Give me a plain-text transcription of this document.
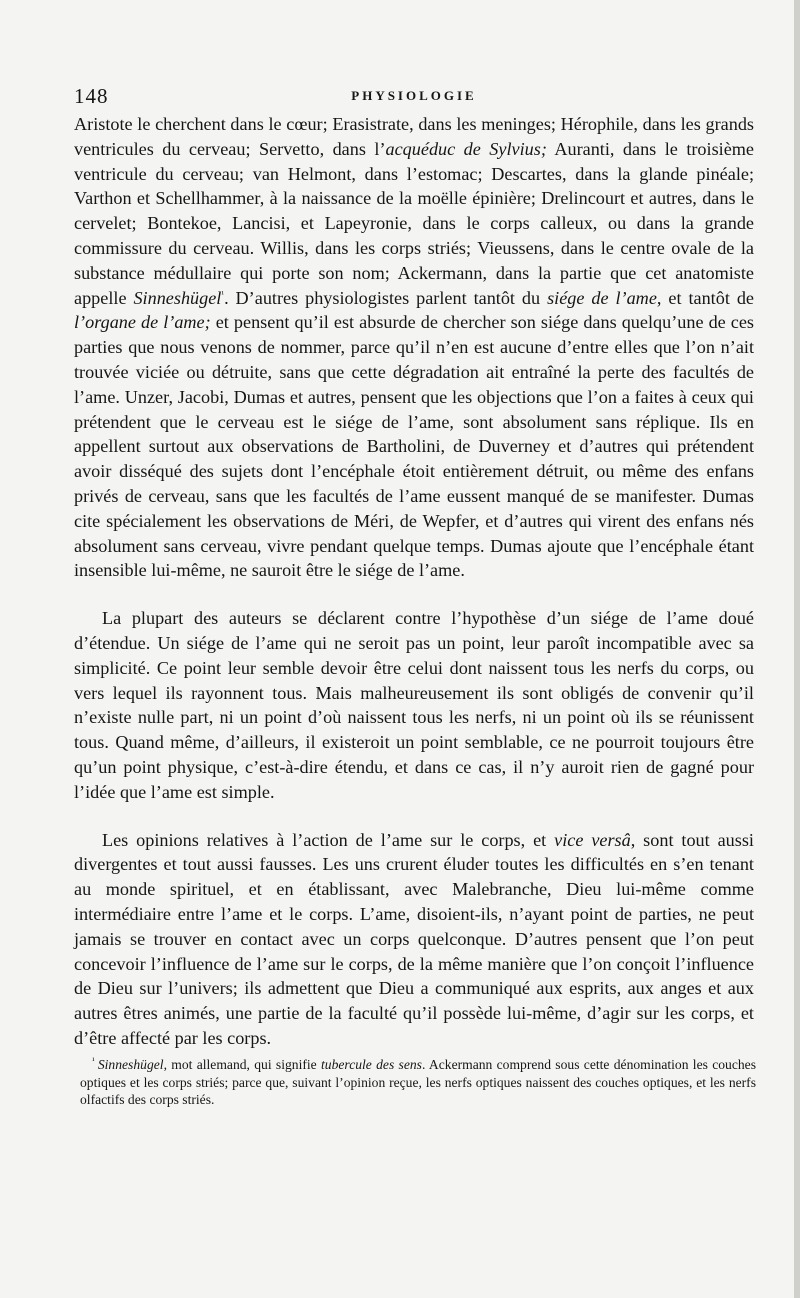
148	PHYSIOLOGIE

Aristote le cherchent dans le cœur; Erasistrate, dans les meninges; Hérophile, dans les grands ventricules du cerveau; Servetto, dans l’acquéduc de Sylvius; Auranti, dans le troisième ventricule du cerveau; van Helmont, dans l’estomac; Descartes, dans la glande pinéale; Varthon et Schellhammer, à la naissance de la moëlle épinière; Drelincourt et autres, dans le cervelet; Bontekoe, Lancisi, et Lapeyronie, dans le corps calleux, ou dans la grande commissure du cerveau. Willis, dans les corps striés; Vieussens, dans le centre ovale de la substance médullaire qui porte son nom; Ackermann, dans la partie que cet anatomiste appelle Sinneshügel$^{^1}$. D’autres physiologistes parlent tantôt du siége de l’ame, et tantôt de l’organe de l’ame; et pensent qu’il est absurde de chercher son siége dans quelqu’une de ces parties que nous venons de nommer, parce qu’il n’en est aucune d’entre elles que l’on n’ait trouvée viciée ou détruite, sans que cette dégradation ait entraîné la perte des facultés de l’ame. Unzer, Jacobi, Dumas et autres, pensent que les objections que l’on a faites à ceux qui prétendent que le cerveau est le siége de l’ame, sont absolument sans réplique. Ils en appellent surtout aux observations de Bartholini, de Duverney et d’autres qui prétendent avoir disséqué des sujets dont l’encéphale étoit entièrement détruit, ou même des enfans privés de cerveau, sans que les facultés de l’ame eussent manqué de se manifester. Dumas cite spécialement les observations de Méri, de Wepfer, et d’autres qui virent des enfans nés absolument sans cerveau, vivre pendant quelque temps. Dumas ajoute que l’encéphale étant insensible lui-même, ne sauroit être le siége de l’ame.

La plupart des auteurs se déclarent contre l’hypothèse d’un siége de l’ame doué d’étendue. Un siége de l’ame qui ne seroit pas un point, leur paroît incompatible avec sa simplicité. Ce point leur semble devoir être celui dont naissent tous les nerfs du corps, ou vers lequel ils rayonnent tous. Mais malheureusement ils sont obligés de convenir qu’il n’existe nulle part, ni un point d’où naissent tous les nerfs, ni un point où ils se réunissent tous. Quand même, d’ailleurs, il existeroit un point semblable, ce ne pourroit toujours être qu’un point physique, c’est-à-dire étendu, et dans ce cas, il n’y auroit rien de gagné pour l’idée que l’ame est simple.

Les opinions relatives à l’action de l’ame sur le corps, et vice versâ, sont tout aussi divergentes et tout aussi fausses. Les uns crurent éluder toutes les difficultés en s’en tenant au monde spirituel, et en établissant, avec Malebranche, Dieu lui-même comme intermédiaire entre l’ame et le corps. L’ame, disoient-ils, n’ayant point de parties, ne peut jamais se trouver en contact avec un corps quelconque. D’autres pensent que l’on peut concevoir l’influence de l’ame sur le corps, de la même manière que l’on conçoit l’influence de Dieu sur l’univers; ils admettent que Dieu a communiqué aux esprits, aux anges et aux autres êtres animés, une partie de la faculté qu’il possède lui-même, d’agir sur les corps, et d’être affecté par les corps.

$^{^1}$ Sinneshügel, mot allemand, qui signifie tubercule des sens. Ackermann comprend sous cette dénomination les couches optiques et les corps striés; parce que, suivant l’opinion reçue, les nerfs optiques naissent des couches optiques, et les nerfs olfactifs des corps striés.
